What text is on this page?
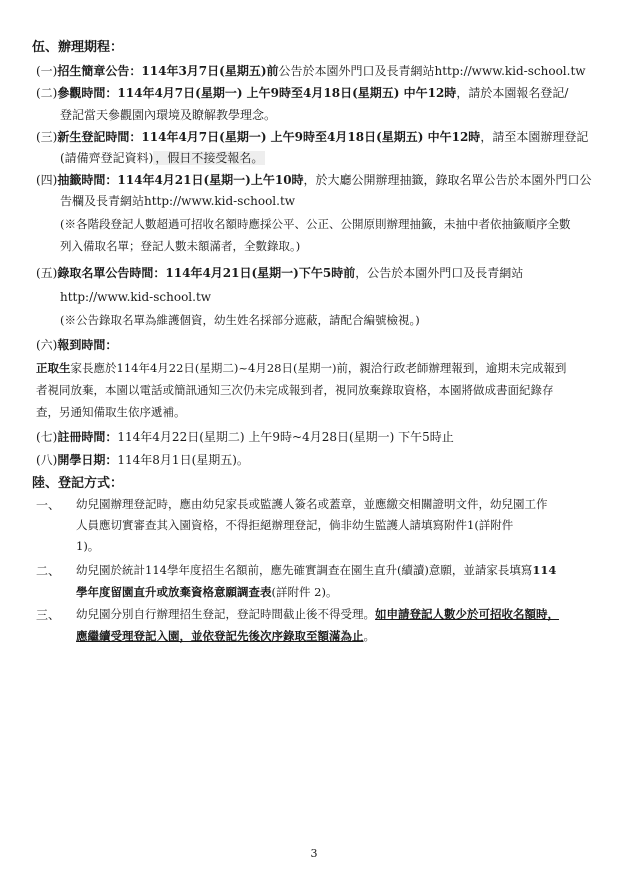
伍、辦理期程：
(一)招生簡章公告：114年3月7日(星期五)前公告於本園外門口及長青網站http://www.kid-school.tw
(二)參觀時間：114年4月7日(星期一) 上午9時至4月18日(星期五) 中午12時，請於本園報名登記/
登記當天參觀園內環境及瞭解教學理念。
(三)新生登記時間：114年4月7日(星期一) 上午9時至4月18日(星期五) 中午12時，請至本園辦理登記
(請備齊登記資料) ，假日不接受報名。
(四)抽籤時間：114年4月21日(星期一)上午10時，於大廳公開辦理抽籤，錄取名單公告於本園外門口公
告欄及長青網站http://www.kid-school.tw
(※各階段登記人數超過可招收名額時應採公平、公正、公開原則辦理抽籤，未抽中者依抽籤順序全數
列入備取名單；登記人數未額滿者，全數錄取。)
(五)錄取名單公告時間：114年4月21日(星期一)下午5時前，公告於本園外門口及長青網站
http://www.kid-school.tw
(※公告錄取名單為維護個資，幼生姓名採部分遮蔽，請配合編號檢視。)
(六)報到時間：
正取生家長應於114年4月22日(星期二)~4月28日(星期一)前，親洽行政老師辦理報到，逾期未完成報到
者視同放棄，本園以電話或簡訊通知三次仍未完成報到者，視同放棄錄取資格，本園將做成書面紀錄存
查，另通知備取生依序遞補。
(七)註冊時間：114年4月22日(星期二) 上午9時~4月28日(星期一) 下午5時止
(八)開學日期：114年8月1日(星期五)。
陸、登記方式：
一、 幼兒園辦理登記時，應由幼兒家長或監護人簽名或蓋章，並應繳交相關證明文件，幼兒園工作
人員應切實審查其入園資格，不得拒絕辦理登記，倘非幼生監護人請填寫附件1(詳附件
1)。
二、 幼兒園於統計114學年度招生名額前，應先確實調查在園生直升(續讀)意願，並請家長填寫114
學年度留園直升或放棄資格意願調查表(詳附件 2)。
三、 幼兒園分別自行辦理招生登記，登記時間截止後不得受理。如申請登記人數少於可招收名額時，
應繼續受理登記入園，並依登記先後次序錄取至額滿為止。
3
